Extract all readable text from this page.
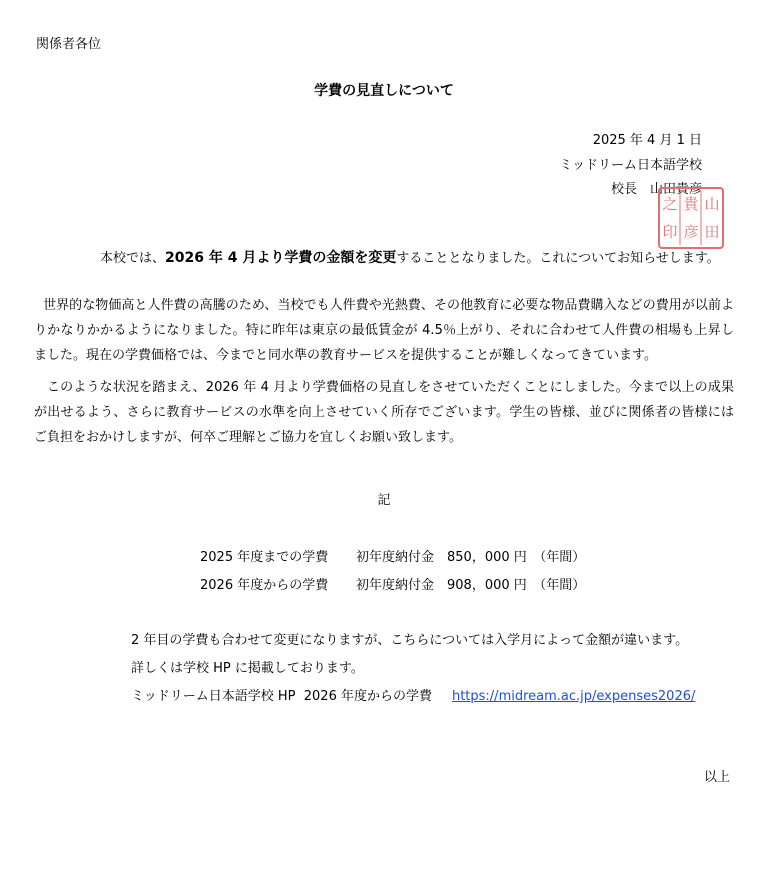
関係者各位
学費の見直しについて
2025 年 4 月 1 日
ミッドリーム日本語学校
校長　山田貴彦
山
田
貴
彦
之
印
本校では、2026 年 4 月より学費の金額を変更することとなりました。これについてお知らせします。
世界的な物価高と人件費の高騰のため、当校でも人件費や光熱費、その他教育に必要な物品費購入などの費用が以前よりかなりかかるようになりました。特に昨年は東京の最低賃金が 4.5％上がり、それに合わせて人件費の相場も上昇しました。現在の学費価格では、今までと同水準の教育サービスを提供することが難しくなってきています。
このような状況を踏まえ、2026 年 4 月より学費価格の見直しをさせていただくことにしました。今まで以上の成果が出せるよう、さらに教育サービスの水準を向上させていく所存でございます。学生の皆様、並びに関係者の皆様にはご負担をおかけしますが、何卒ご理解とご協力を宜しくお願い致します。
記
2025 年度までの学費 初年度納付金　850，000 円　（年間）
2026 年度からの学費 初年度納付金　908，000 円　（年間）
2 年目の学費も合わせて変更になりますが、こちらについては入学月によって金額が違います。
詳しくは学校 HP に掲載しております。
ミッドリーム日本語学校 HP  2026 年度からの学費 https://midream.ac.jp/expenses2026/
以上
